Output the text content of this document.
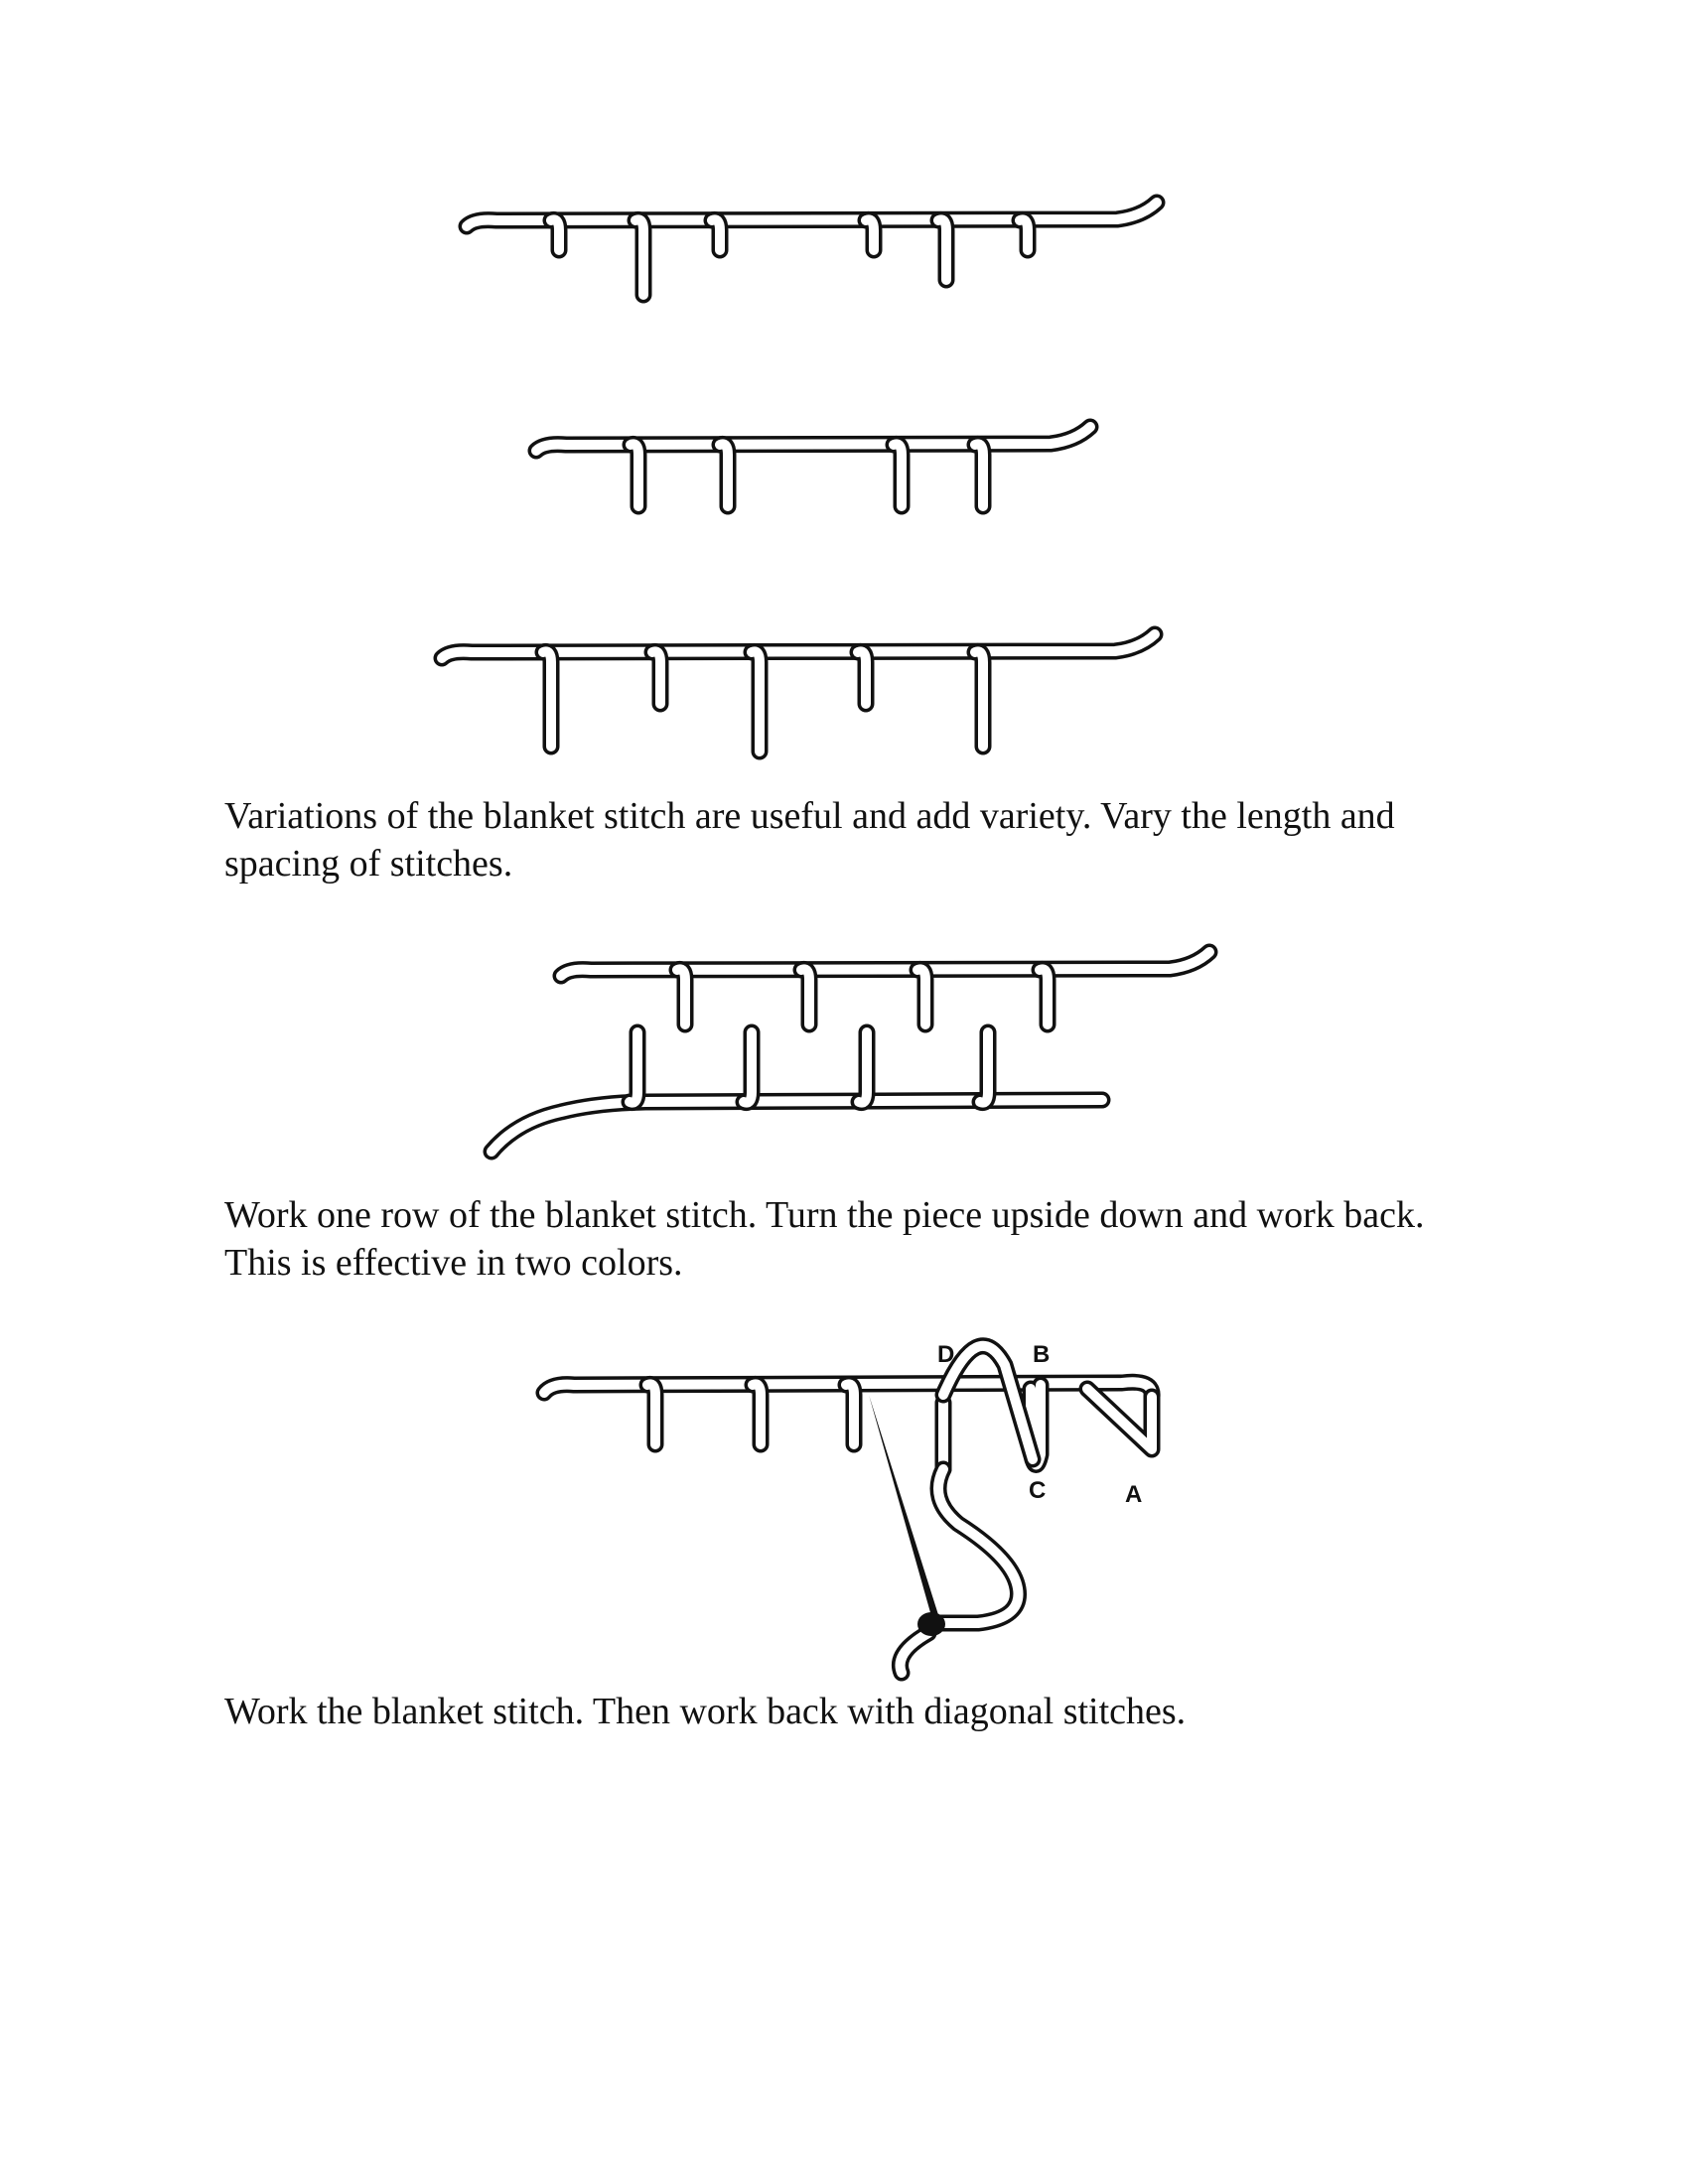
Variations of the blanket stitch are useful and add variety. Vary the length and spacing of stitches.

Work one row of the blanket stitch. Turn the piece upside down and work back. This is effective in two colors.

D	B
C	A

Work the blanket stitch. Then work back with diagonal stitches.
